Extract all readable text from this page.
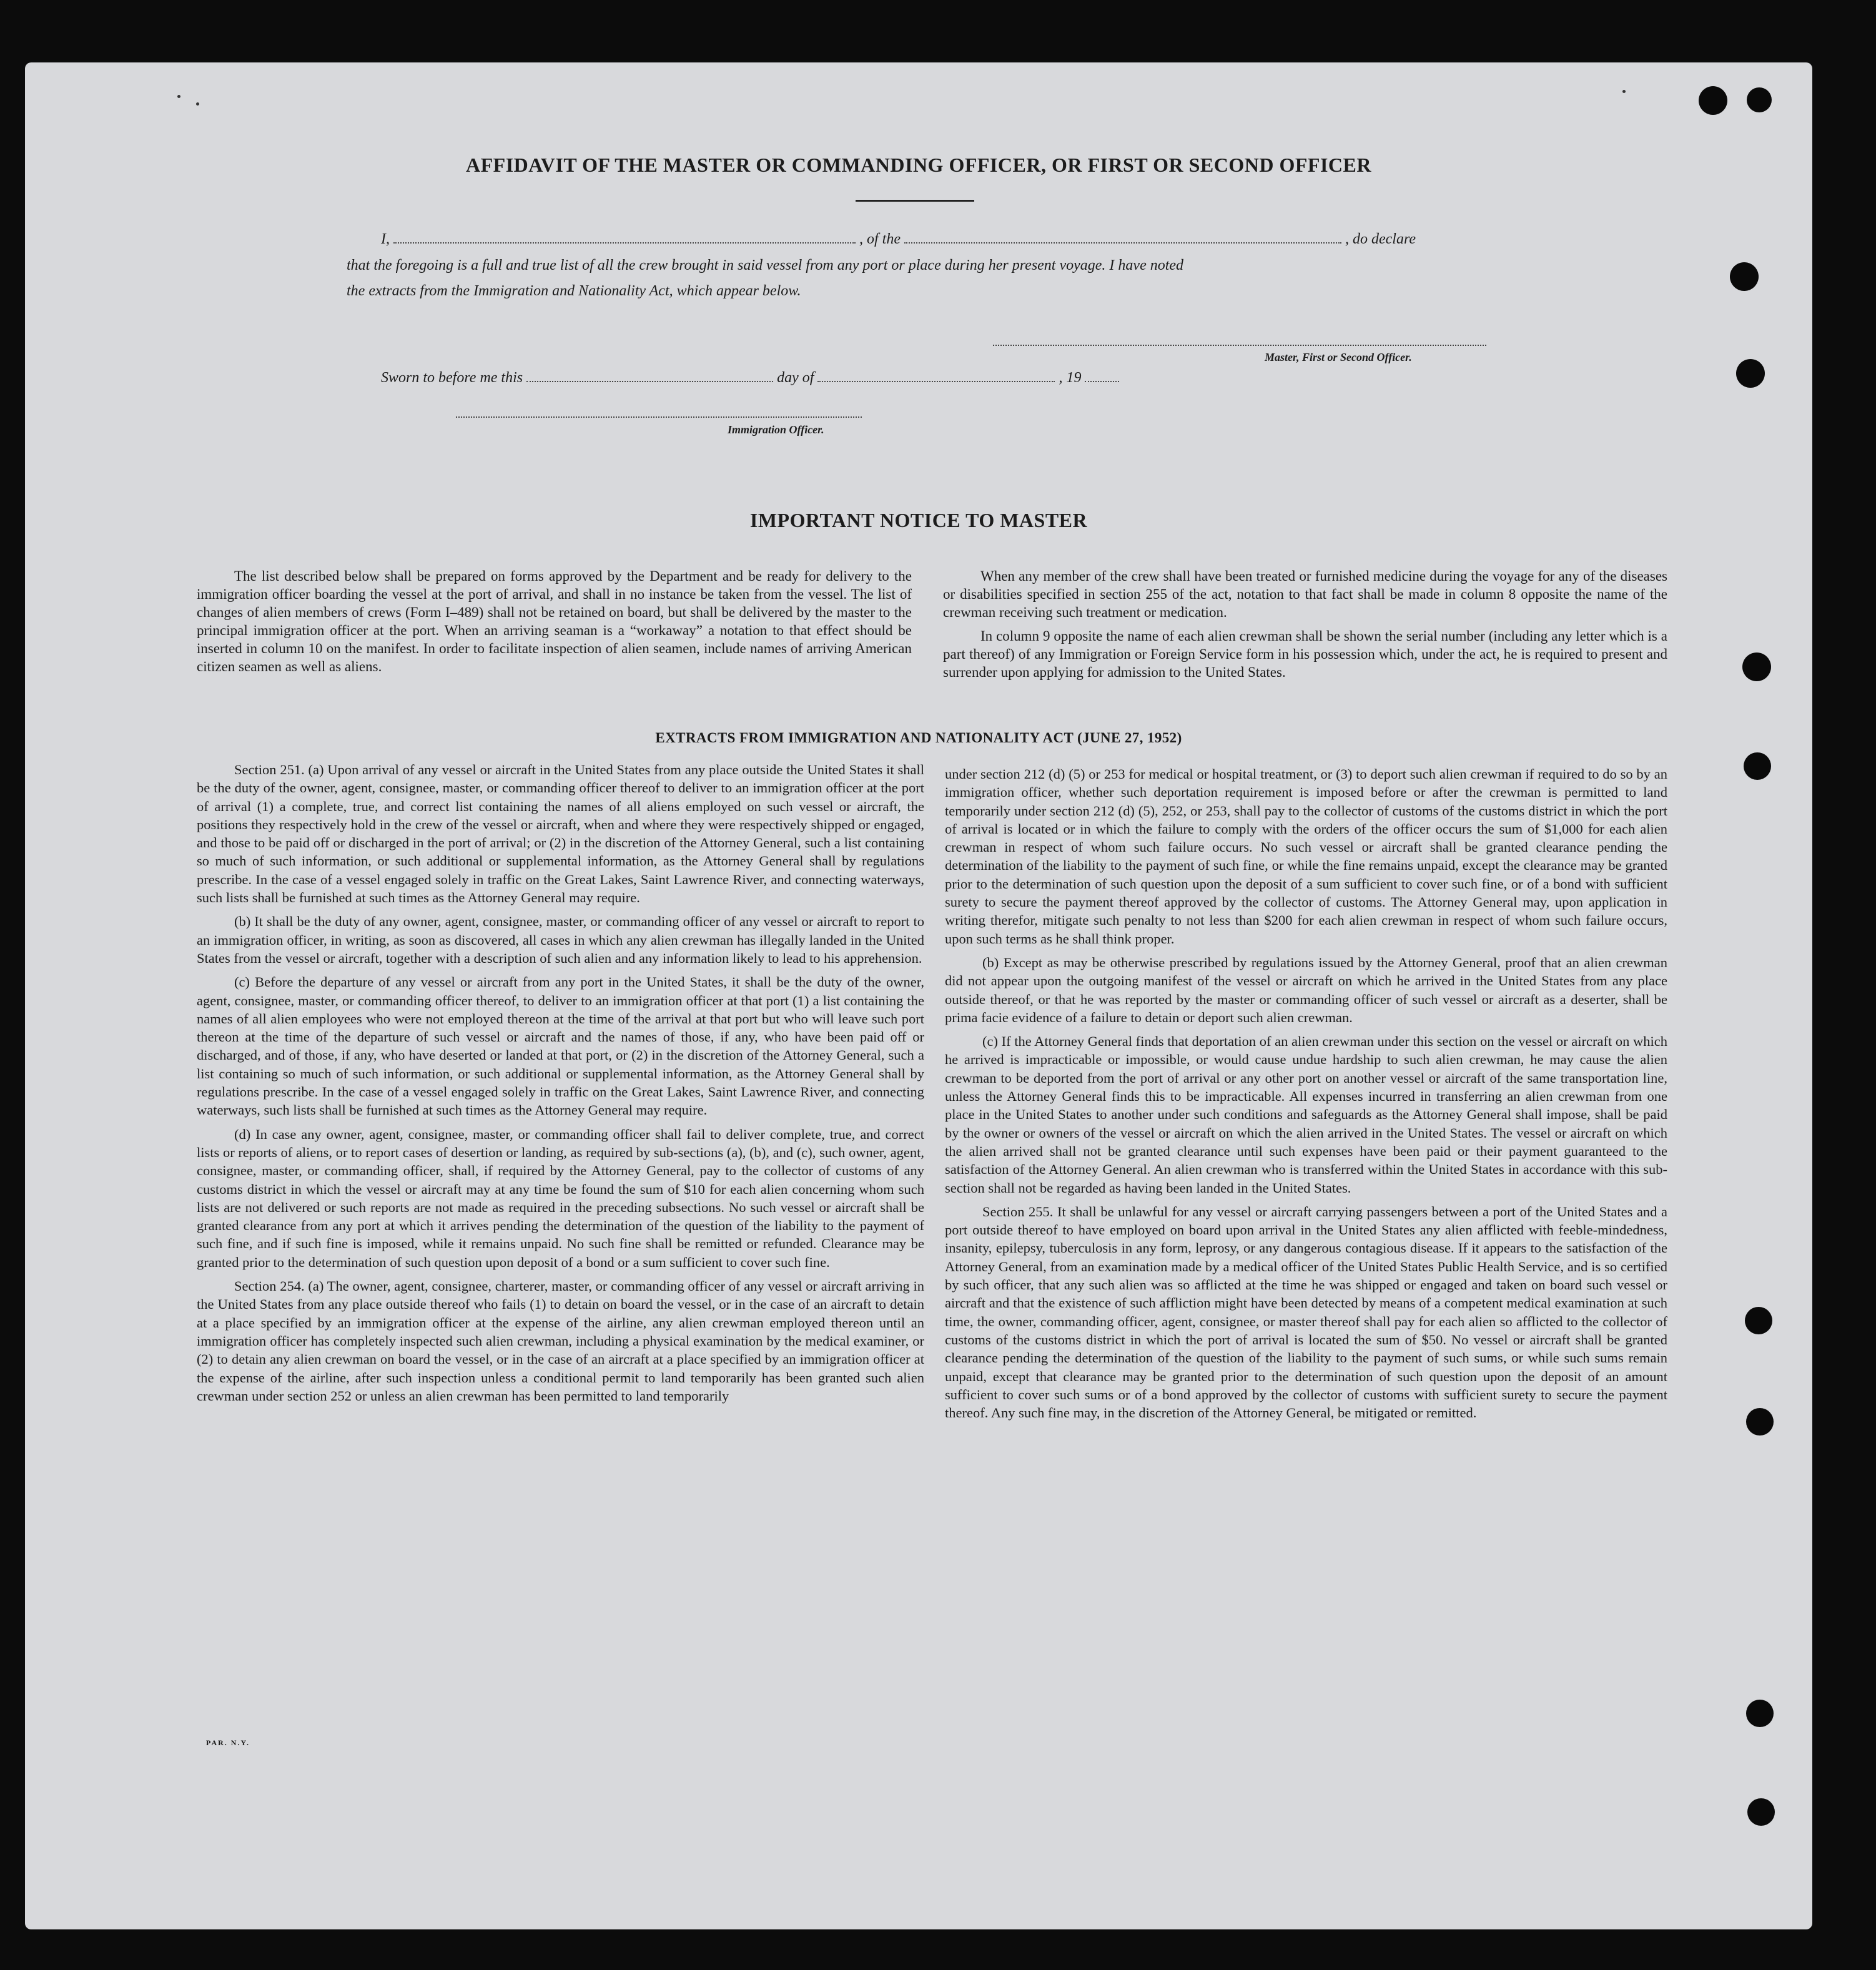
AFFIDAVIT OF THE MASTER OR COMMANDING OFFICER, OR FIRST OR SECOND OFFICER
I,	, of the	, do declare
that the foregoing is a full and true list of all the crew brought in said vessel from any port or place during her present voyage. I have noted
the extracts from the Immigration and Nationality Act, which appear below.
Master, First or Second Officer.
Sworn to before me this	day of	, 19
Immigration Officer.
IMPORTANT NOTICE TO MASTER

The list described below shall be prepared on forms approved by the Department and be ready for delivery to the immigration officer boarding the vessel at the port of arrival, and shall in no instance be taken from the vessel. The list of changes of alien members of crews (Form I–489) shall not be retained on board, but shall be delivered by the master to the principal immigration officer at the port. When an arriving seaman is a “workaway” a notation to that effect should be inserted in column 10 on the manifest. In order to facilitate inspection of alien seamen, include names of arriving American citizen seamen as well as aliens.

When any member of the crew shall have been treated or furnished medicine during the voyage for any of the diseases or disabilities specified in section 255 of the act, notation to that fact shall be made in column 8 opposite the name of the crewman receiving such treatment or medication.

In column 9 opposite the name of each alien crewman shall be shown the serial number (including any letter which is a part thereof) of any Immigration or Foreign Service form in his possession which, under the act, he is required to present and surrender upon applying for admission to the United States.

EXTRACTS FROM IMMIGRATION AND NATIONALITY ACT (JUNE 27, 1952)

Section 251. (a) Upon arrival of any vessel or aircraft in the United States from any place outside the United States it shall be the duty of the owner, agent, consignee, master, or commanding officer thereof to deliver to an immigration officer at the port of arrival (1) a complete, true, and correct list containing the names of all aliens employed on such vessel or aircraft, the positions they respectively hold in the crew of the vessel or aircraft, when and where they were respectively shipped or engaged, and those to be paid off or discharged in the port of arrival; or (2) in the discretion of the Attorney General, such a list containing so much of such information, or such additional or supplemental information, as the Attorney General shall by regulations prescribe. In the case of a vessel engaged solely in traffic on the Great Lakes, Saint Lawrence River, and connecting waterways, such lists shall be furnished at such times as the Attorney General may require.

(b) It shall be the duty of any owner, agent, consignee, master, or commanding officer of any vessel or aircraft to report to an immigration officer, in writing, as soon as discovered, all cases in which any alien crewman has illegally landed in the United States from the vessel or aircraft, together with a description of such alien and any information likely to lead to his apprehension.

(c) Before the departure of any vessel or aircraft from any port in the United States, it shall be the duty of the owner, agent, consignee, master, or commanding officer thereof, to deliver to an immigration officer at that port (1) a list containing the names of all alien employees who were not employed thereon at the time of the arrival at that port but who will leave such port thereon at the time of the departure of such vessel or aircraft and the names of those, if any, who have been paid off or discharged, and of those, if any, who have deserted or landed at that port, or (2) in the discretion of the Attorney General, such a list containing so much of such information, or such additional or supplemental information, as the Attorney General shall by regulations prescribe. In the case of a vessel engaged solely in traffic on the Great Lakes, Saint Lawrence River, and connecting waterways, such lists shall be furnished at such times as the Attorney General may require.

(d) In case any owner, agent, consignee, master, or commanding officer shall fail to deliver complete, true, and correct lists or reports of aliens, or to report cases of desertion or landing, as required by sub-sections (a), (b), and (c), such owner, agent, consignee, master, or commanding officer, shall, if required by the Attorney General, pay to the collector of customs of any customs district in which the vessel or aircraft may at any time be found the sum of $10 for each alien concerning whom such lists are not delivered or such reports are not made as required in the preceding subsections. No such vessel or aircraft shall be granted clearance from any port at which it arrives pending the determination of the question of the liability to the payment of such fine, and if such fine is imposed, while it remains unpaid. No such fine shall be remitted or refunded. Clearance may be granted prior to the determination of such question upon deposit of a bond or a sum sufficient to cover such fine.

Section 254. (a) The owner, agent, consignee, charterer, master, or commanding officer of any vessel or aircraft arriving in the United States from any place outside thereof who fails (1) to detain on board the vessel, or in the case of an aircraft to detain at a place specified by an immigration officer at the expense of the airline, any alien crewman employed thereon until an immigration officer has completely inspected such alien crewman, including a physical examination by the medical examiner, or (2) to detain any alien crewman on board the vessel, or in the case of an aircraft at a place specified by an immigration officer at the expense of the airline, after such inspection unless a conditional permit to land temporarily has been granted such alien crewman under section 252 or unless an alien crewman has been permitted to land temporarily

under section 212 (d) (5) or 253 for medical or hospital treatment, or (3) to deport such alien crewman if required to do so by an immigration officer, whether such deportation requirement is imposed before or after the crewman is permitted to land temporarily under section 212 (d) (5), 252, or 253, shall pay to the collector of customs of the customs district in which the port of arrival is located or in which the failure to comply with the orders of the officer occurs the sum of $1,000 for each alien crewman in respect of whom such failure occurs. No such vessel or aircraft shall be granted clearance pending the determination of the liability to the payment of such fine, or while the fine remains unpaid, except the clearance may be granted prior to the determination of such question upon the deposit of a sum sufficient to cover such fine, or of a bond with sufficient surety to secure the payment thereof approved by the collector of customs. The Attorney General may, upon application in writing therefor, mitigate such penalty to not less than $200 for each alien crewman in respect of whom such failure occurs, upon such terms as he shall think proper.

(b) Except as may be otherwise prescribed by regulations issued by the Attorney General, proof that an alien crewman did not appear upon the outgoing manifest of the vessel or aircraft on which he arrived in the United States from any place outside thereof, or that he was reported by the master or commanding officer of such vessel or aircraft as a deserter, shall be prima facie evidence of a failure to detain or deport such alien crewman.

(c) If the Attorney General finds that deportation of an alien crewman under this section on the vessel or aircraft on which he arrived is impracticable or impossible, or would cause undue hardship to such alien crewman, he may cause the alien crewman to be deported from the port of arrival or any other port on another vessel or aircraft of the same transportation line, unless the Attorney General finds this to be impracticable. All expenses incurred in transferring an alien crewman from one place in the United States to another under such conditions and safeguards as the Attorney General shall impose, shall be paid by the owner or owners of the vessel or aircraft on which the alien arrived in the United States. The vessel or aircraft on which the alien arrived shall not be granted clearance until such expenses have been paid or their payment guaranteed to the satisfaction of the Attorney General. An alien crewman who is transferred within the United States in accordance with this sub-section shall not be regarded as having been landed in the United States.

Section 255. It shall be unlawful for any vessel or aircraft carrying passengers between a port of the United States and a port outside thereof to have employed on board upon arrival in the United States any alien afflicted with feeble-mindedness, insanity, epilepsy, tuberculosis in any form, leprosy, or any dangerous contagious disease. If it appears to the satisfaction of the Attorney General, from an examination made by a medical officer of the United States Public Health Service, and is so certified by such officer, that any such alien was so afflicted at the time he was shipped or engaged and taken on board such vessel or aircraft and that the existence of such affliction might have been detected by means of a competent medical examination at such time, the owner, commanding officer, agent, consignee, or master thereof shall pay for each alien so afflicted to the collector of customs of the customs district in which the port of arrival is located the sum of $50. No vessel or aircraft shall be granted clearance pending the determination of the question of the liability to the payment of such sums, or while such sums remain unpaid, except that clearance may be granted prior to the determination of such question upon the deposit of an amount sufficient to cover such sums or of a bond approved by the collector of customs with sufficient surety to secure the payment thereof. Any such fine may, in the discretion of the Attorney General, be mitigated or remitted.

PAR. N.Y.
